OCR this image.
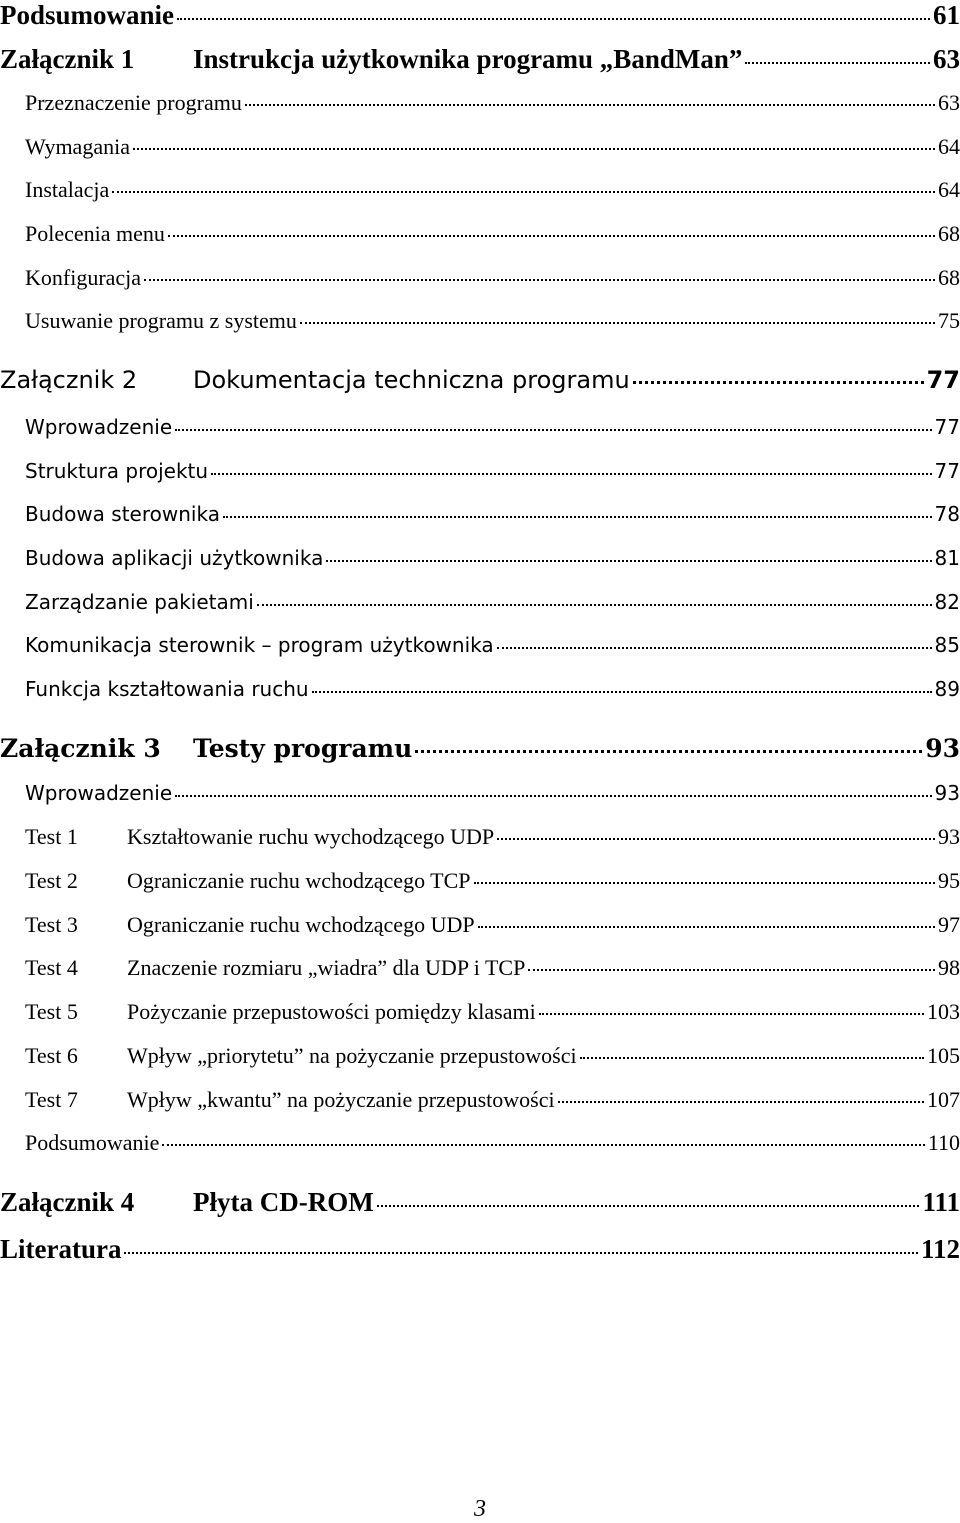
Podsumowanie	61
Załącznik 1	Instrukcja użytkownika programu „BandMan”	63
Przeznaczenie programu	63
Wymagania	64
Instalacja	64
Polecenia menu	68
Konfiguracja	68
Usuwanie programu z systemu	75
Załącznik 2	Dokumentacja techniczna programu	77
Wprowadzenie	77
Struktura projektu	77
Budowa sterownika	78
Budowa aplikacji użytkownika	81
Zarządzanie pakietami	82
Komunikacja sterownik – program użytkownika	85
Funkcja kształtowania ruchu	89
Załącznik 3	Testy programu	93
Wprowadzenie	93
Test 1	Kształtowanie ruchu wychodzącego UDP	93
Test 2	Ograniczanie ruchu wchodzącego TCP	95
Test 3	Ograniczanie ruchu wchodzącego UDP	97
Test 4	Znaczenie rozmiaru „wiadra” dla UDP i TCP	98
Test 5	Pożyczanie przepustowości pomiędzy klasami	103
Test 6	Wpływ „priorytetu” na pożyczanie przepustowości	105
Test 7	Wpływ „kwantu” na pożyczanie przepustowości	107
Podsumowanie	110
Załącznik 4	Płyta CD-ROM	111
Literatura	112
3
